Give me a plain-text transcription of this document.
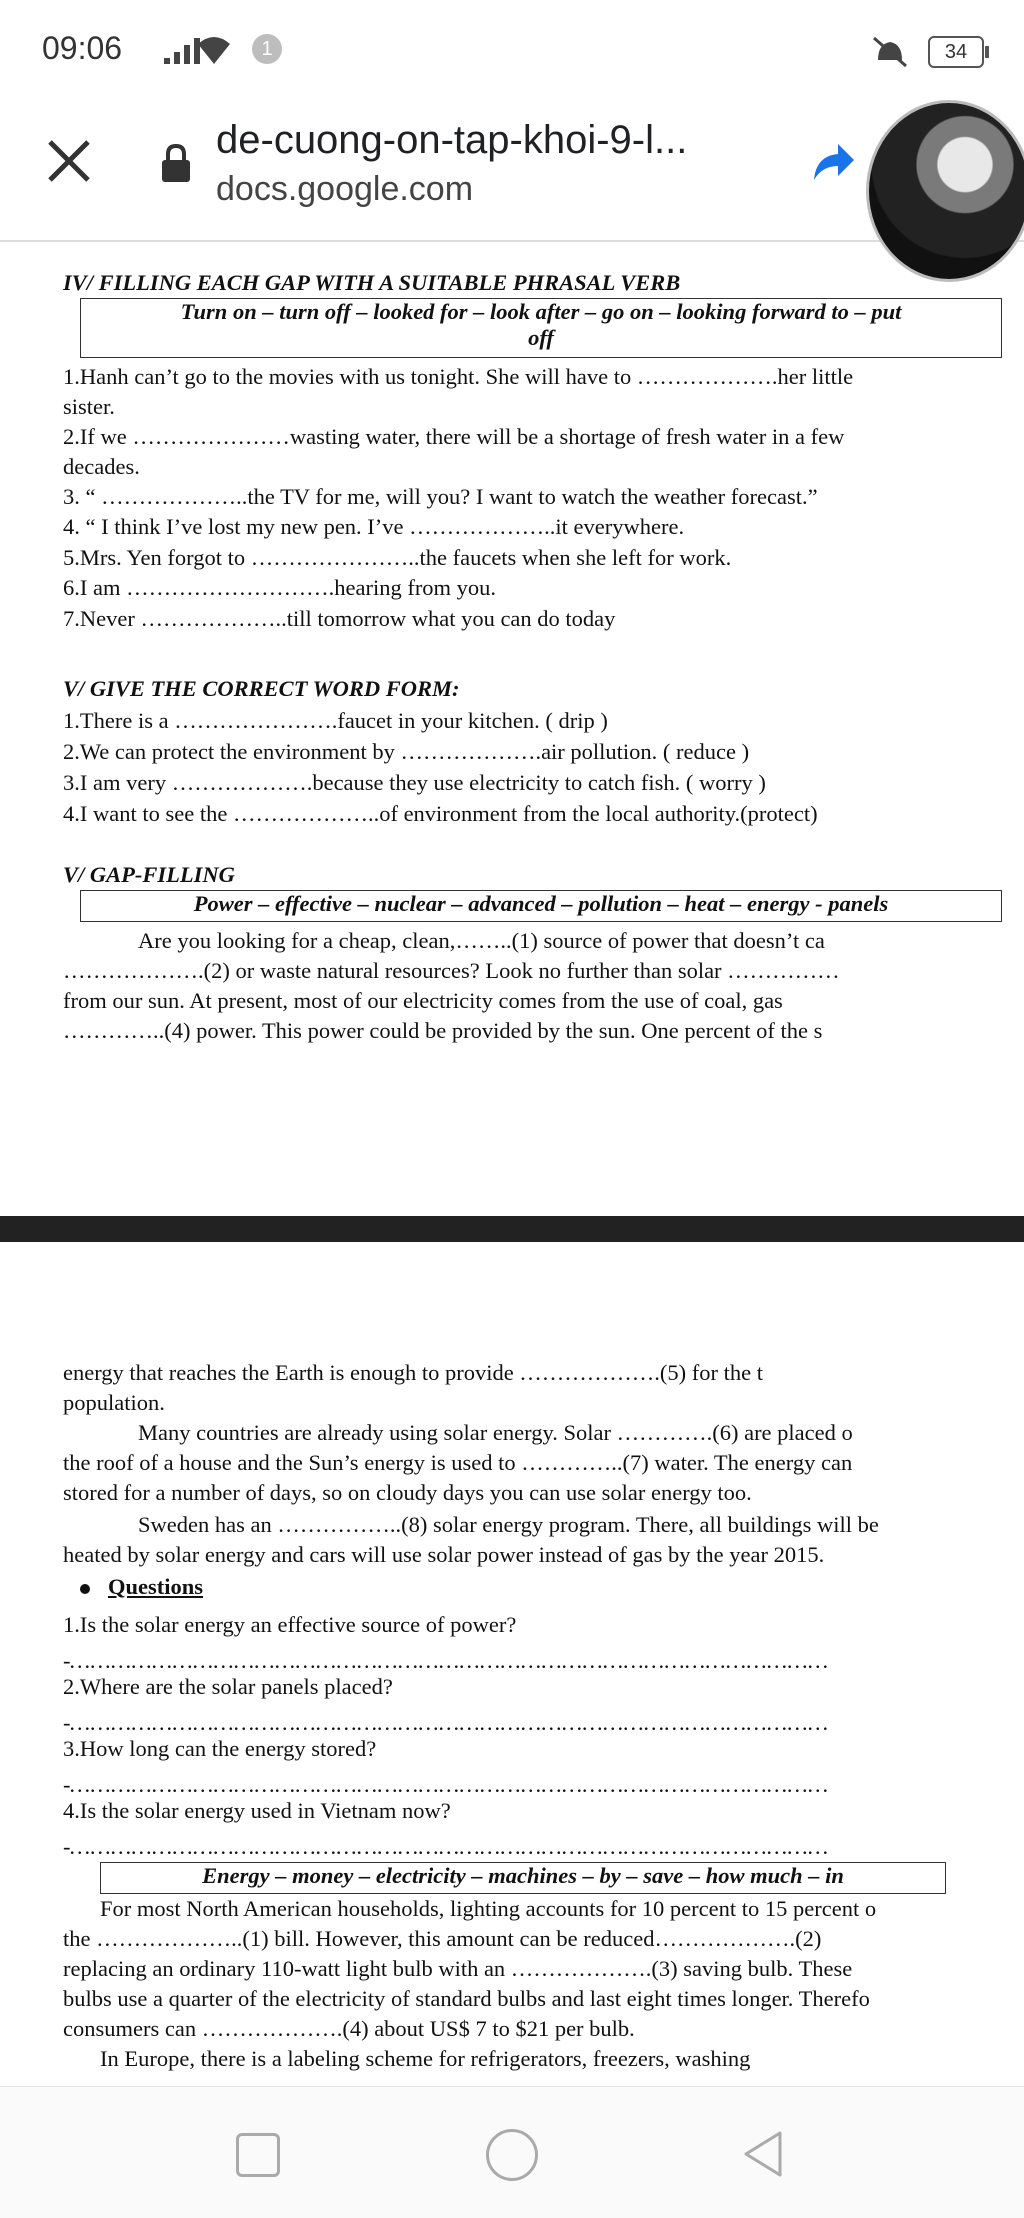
09:06	1	34
de-cuong-on-tap-khoi-9-l...
docs.google.com
IV/ FILLING EACH GAP WITH A SUITABLE PHRASAL VERB
Turn on – turn off – looked for – look after – go on – looking forward to – put
off
1.Hanh can’t go to the movies with us tonight. She will have to ……………….her little
sister.
2.If we …………………wasting water, there will be a shortage of fresh water in a few
decades.
3. “ ………………..the TV for me, will you? I want to watch the weather forecast.”
4. “ I think I’ve lost my new pen. I’ve ………………..it everywhere.
5.Mrs. Yen forgot to …………………..the faucets when she left for work.
6.I am ……………………….hearing from you.
7.Never ………………..till tomorrow what you can do today
V/ GIVE THE CORRECT WORD FORM:
1.There is a ………………….faucet in your kitchen. ( drip )
2.We can protect the environment by ……………….air pollution. ( reduce )
3.I am very ……………….because they use electricity to catch fish. ( worry )
4.I want to see the ………………..of environment from the local authority.(protect)
V/ GAP-FILLING
Power – effective – nuclear – advanced – pollution – heat – energy - panels
Are you looking for a cheap, clean,……..(1) source of power that doesn’t ca
……………….(2) or waste natural resources? Look no further than solar ……………
from our sun. At present, most of our electricity comes from the use of coal, gas
…………..(4) power. This power could be provided by the sun. One percent of the s
energy that reaches the Earth is enough to provide ……………….(5) for the t
population.
Many countries are already using solar energy. Solar ………….(6) are placed o
the roof of a house and the Sun’s energy is used to …………..(7) water. The energy can
stored for a number of days, so on cloudy days you can use solar energy too.
Sweden has an ……………..(8) solar energy program. There, all buildings will be
heated by solar energy and cars will use solar power instead of gas by the year 2015.
Questions
1.Is the solar energy an effective source of power?
-…………………………………………………………………………………………………
2.Where are the solar panels placed?
-…………………………………………………………………………………………………
3.How long can the energy stored?
-…………………………………………………………………………………………………
4.Is the solar energy used in Vietnam now?
-…………………………………………………………………………………………………
Energy – money – electricity – machines – by – save – how much – in
For most North American households, lighting accounts for 10 percent to 15 percent o
the ………………..(1) bill. However, this amount can be reduced……………….(2)
replacing an ordinary 110-watt light bulb with an ……………….(3) saving bulb. These
bulbs use a quarter of the electricity of standard bulbs and last eight times longer. Therefo
consumers can ……………….(4) about US$ 7 to $21 per bulb.
In Europe, there is a labeling scheme for refrigerators, freezers, washing
